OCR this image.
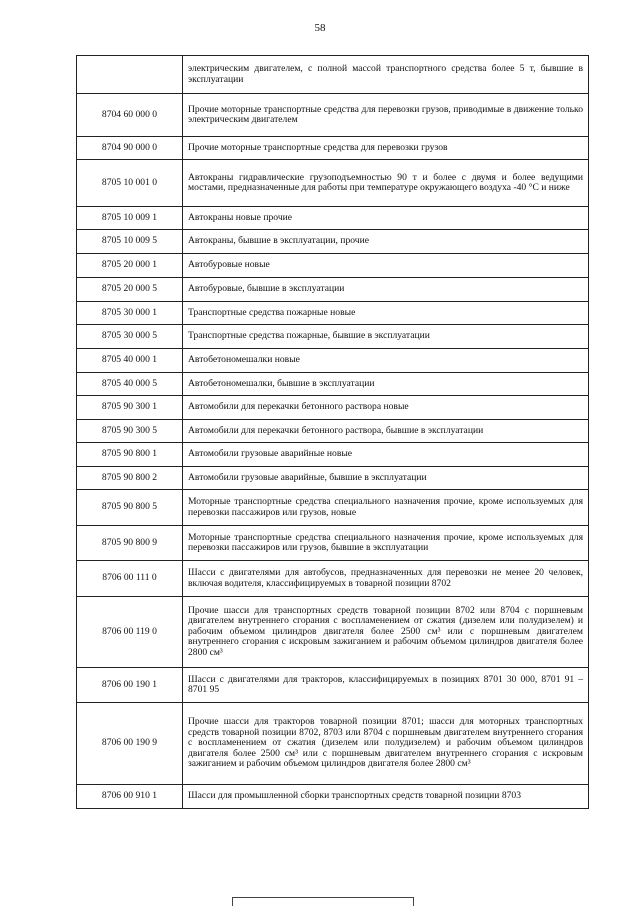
58
	электрическим двигателем, с полной массой транспортного средства более 5 т, бывшие в эксплуатации
8704 60 000 0	Прочие моторные транспортные средства для перевозки грузов, приводимые в движение только электрическим двигателем
8704 90 000 0	Прочие моторные транспортные средства для перевозки грузов
8705 10 001 0	Автокраны гидравлические грузоподъемностью 90 т и более с двумя и более ведущими мостами, предназначенные для работы при температуре окружающего воздуха -40 °С и ниже
8705 10 009 1	Автокраны новые прочие
8705 10 009 5	Автокраны, бывшие в эксплуатации, прочие
8705 20 000 1	Автобуровые новые
8705 20 000 5	Автобуровые, бывшие в эксплуатации
8705 30 000 1	Транспортные средства пожарные новые
8705 30 000 5	Транспортные средства пожарные, бывшие в эксплуатации
8705 40 000 1	Автобетономешалки новые
8705 40 000 5	Автобетономешалки, бывшие в эксплуатации
8705 90 300 1	Автомобили для перекачки бетонного раствора новые
8705 90 300 5	Автомобили для перекачки бетонного раствора, бывшие в эксплуатации
8705 90 800 1	Автомобили грузовые аварийные новые
8705 90 800 2	Автомобили грузовые аварийные, бывшие в эксплуатации
8705 90 800 5	Моторные транспортные средства специального назначения прочие, кроме используемых для перевозки пассажиров или грузов, новые
8705 90 800 9	Моторные транспортные средства специального назначения прочие, кроме используемых для перевозки пассажиров или грузов, бывшие в эксплуатации
8706 00 111 0	Шасси с двигателями для автобусов, предназначенных для перевозки не менее 20 человек, включая водителя, классифицируемых в товарной позиции 8702
8706 00 119 0	Прочие шасси для транспортных средств товарной позиции 8702 или 8704 с поршневым двигателем внутреннего сгорания с воспламенением от сжатия (дизелем или полудизелем) и рабочим объемом цилиндров двигателя более 2500 см³ или с поршневым двигателем внутреннего сгорания с искровым зажиганием и рабочим объемом цилиндров двигателя более 2800 см³
8706 00 190 1	Шасси с двигателями для тракторов, классифицируемых в позициях 8701 30 000, 8701 91 – 8701 95
8706 00 190 9	Прочие шасси для тракторов товарной позиции 8701; шасси для моторных транспортных средств товарной позиции 8702, 8703 или 8704 с поршневым двигателем внутреннего сгорания с воспламенением от сжатия (дизелем или полудизелем) и рабочим объемом цилиндров двигателя более 2500 см³ или с поршневым двигателем внутреннего сгорания с искровым зажиганием и рабочим объемом цилиндров двигателя более 2800 см³
8706 00 910 1	Шасси для промышленной сборки транспортных средств товарной позиции 8703
